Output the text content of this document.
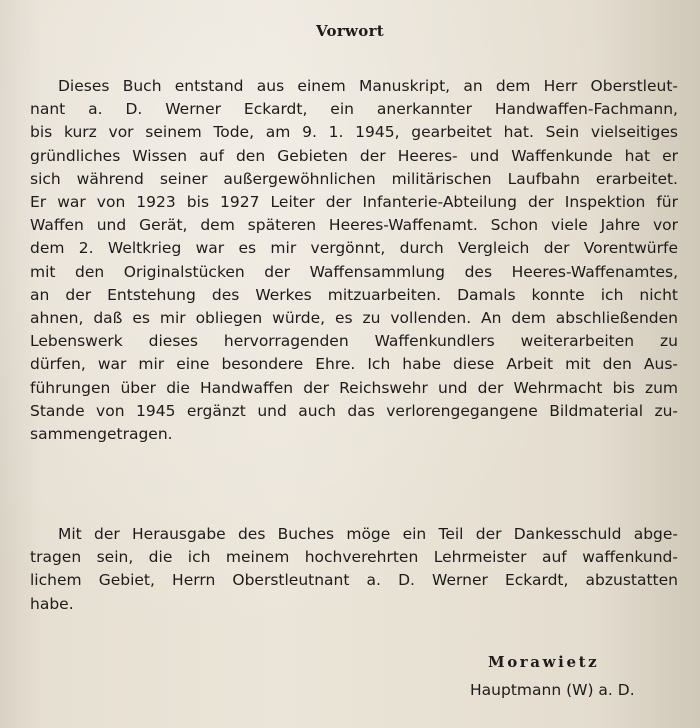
Vorwort

Dieses Buch entstand aus einem Manuskript, an dem Herr Oberstleut-
nant a. D. Werner Eckardt, ein anerkannter Handwaffen-Fachmann,
bis kurz vor seinem Tode, am 9. 1. 1945, gearbeitet hat. Sein vielseitiges
gründliches Wissen auf den Gebieten der Heeres- und Waffenkunde hat er
sich während seiner außergewöhnlichen militärischen Laufbahn erarbeitet.
Er war von 1923 bis 1927 Leiter der Infanterie-Abteilung der Inspektion für
Waffen und Gerät, dem späteren Heeres-Waffenamt. Schon viele Jahre vor
dem 2. Weltkrieg war es mir vergönnt, durch Vergleich der Vorentwürfe
mit den Originalstücken der Waffensammlung des Heeres-Waffenamtes,
an der Entstehung des Werkes mitzuarbeiten. Damals konnte ich nicht
ahnen, daß es mir obliegen würde, es zu vollenden. An dem abschließenden
Lebenswerk dieses hervorragenden Waffenkundlers weiterarbeiten zu
dürfen, war mir eine besondere Ehre. Ich habe diese Arbeit mit den Aus-
führungen über die Handwaffen der Reichswehr und der Wehrmacht bis zum
Stande von 1945 ergänzt und auch das verlorengegangene Bildmaterial zu-
sammengetragen.

Mit der Herausgabe des Buches möge ein Teil der Dankesschuld abge-
tragen sein, die ich meinem hochverehrten Lehrmeister auf waffenkund-
lichem Gebiet, Herrn Oberstleutnant a. D. Werner Eckardt, abzustatten
habe.

Morawietz
Hauptmann (W) a. D.
